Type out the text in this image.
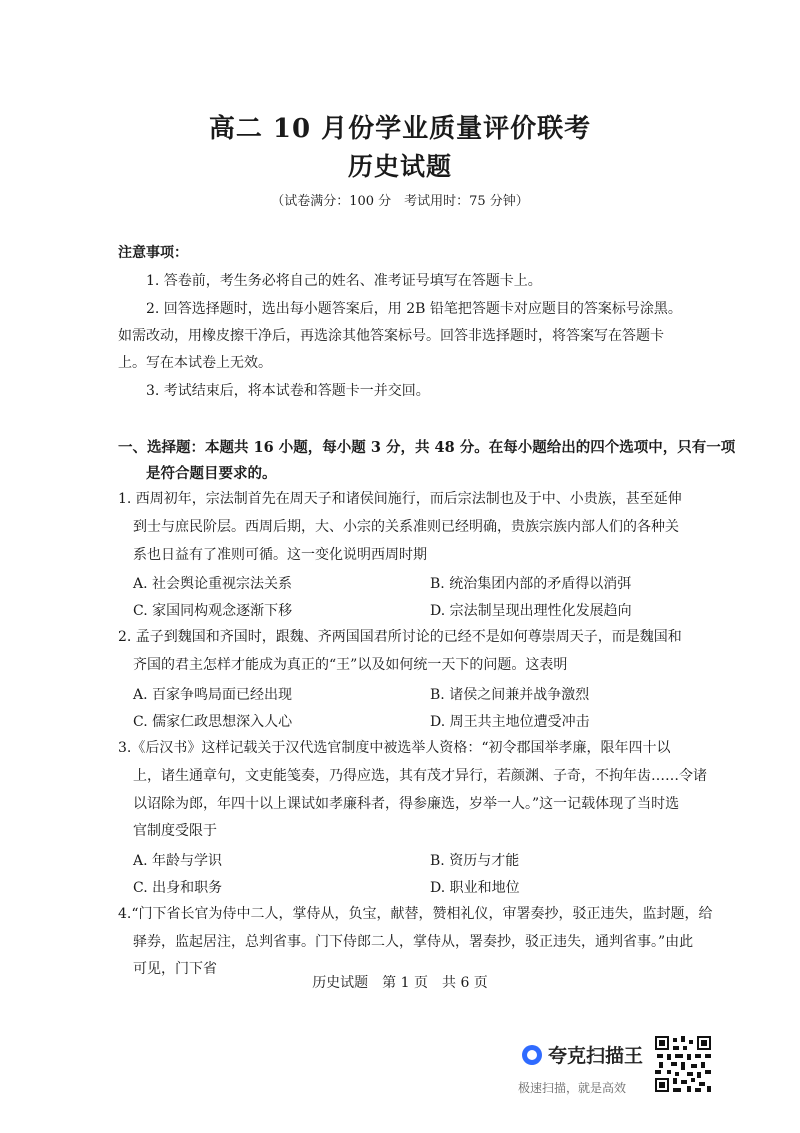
高二 10 月份学业质量评价联考
历史试题
（试卷满分：100 分　考试用时：75 分钟）
注意事项：
1. 答卷前，考生务必将自己的姓名、准考证号填写在答题卡上。
2. 回答选择题时，选出每小题答案后，用 2B 铅笔把答题卡对应题目的答案标号涂黑。
如需改动，用橡皮擦干净后，再选涂其他答案标号。回答非选择题时，将答案写在答题卡
上。写在本试卷上无效。
3. 考试结束后，将本试卷和答题卡一并交回。
一、选择题：本题共 16 小题，每小题 3 分，共 48 分。在每小题给出的四个选项中，只有一项
是符合题目要求的。
1. 西周初年，宗法制首先在周天子和诸侯间施行，而后宗法制也及于中、小贵族，甚至延伸
到士与庶民阶层。西周后期，大、小宗的关系准则已经明确，贵族宗族内部人们的各种关
系也日益有了准则可循。这一变化说明西周时期
A. 社会舆论重视宗法关系	B. 统治集团内部的矛盾得以消弭
C. 家国同构观念逐渐下移	D. 宗法制呈现出理性化发展趋向
2. 孟子到魏国和齐国时，跟魏、齐两国国君所讨论的已经不是如何尊崇周天子，而是魏国和
齐国的君主怎样才能成为真正的“王”以及如何统一天下的问题。这表明
A. 百家争鸣局面已经出现	B. 诸侯之间兼并战争激烈
C. 儒家仁政思想深入人心	D. 周王共主地位遭受冲击
3.《后汉书》这样记载关于汉代选官制度中被选举人资格：“初令郡国举孝廉，限年四十以
上，诸生通章句，文吏能笺奏，乃得应选，其有茂才异行，若颜渊、子奇，不拘年齿……令诸
以诏除为郎，年四十以上课试如孝廉科者，得参廉选，岁举一人。”这一记载体现了当时选
官制度受限于
A. 年龄与学识	B. 资历与才能
C. 出身和职务	D. 职业和地位
4.“门下省长官为侍中二人，掌侍从，负宝，献替，赞相礼仪，审署奏抄，驳正违失，监封题，给
驿券，监起居注，总判省事。门下侍郎二人，掌侍从，署奏抄，驳正违失，通判省事。”由此
可见，门下省
历史试题　第 1 页　共 6 页
夸克扫描王
极速扫描，就是高效
